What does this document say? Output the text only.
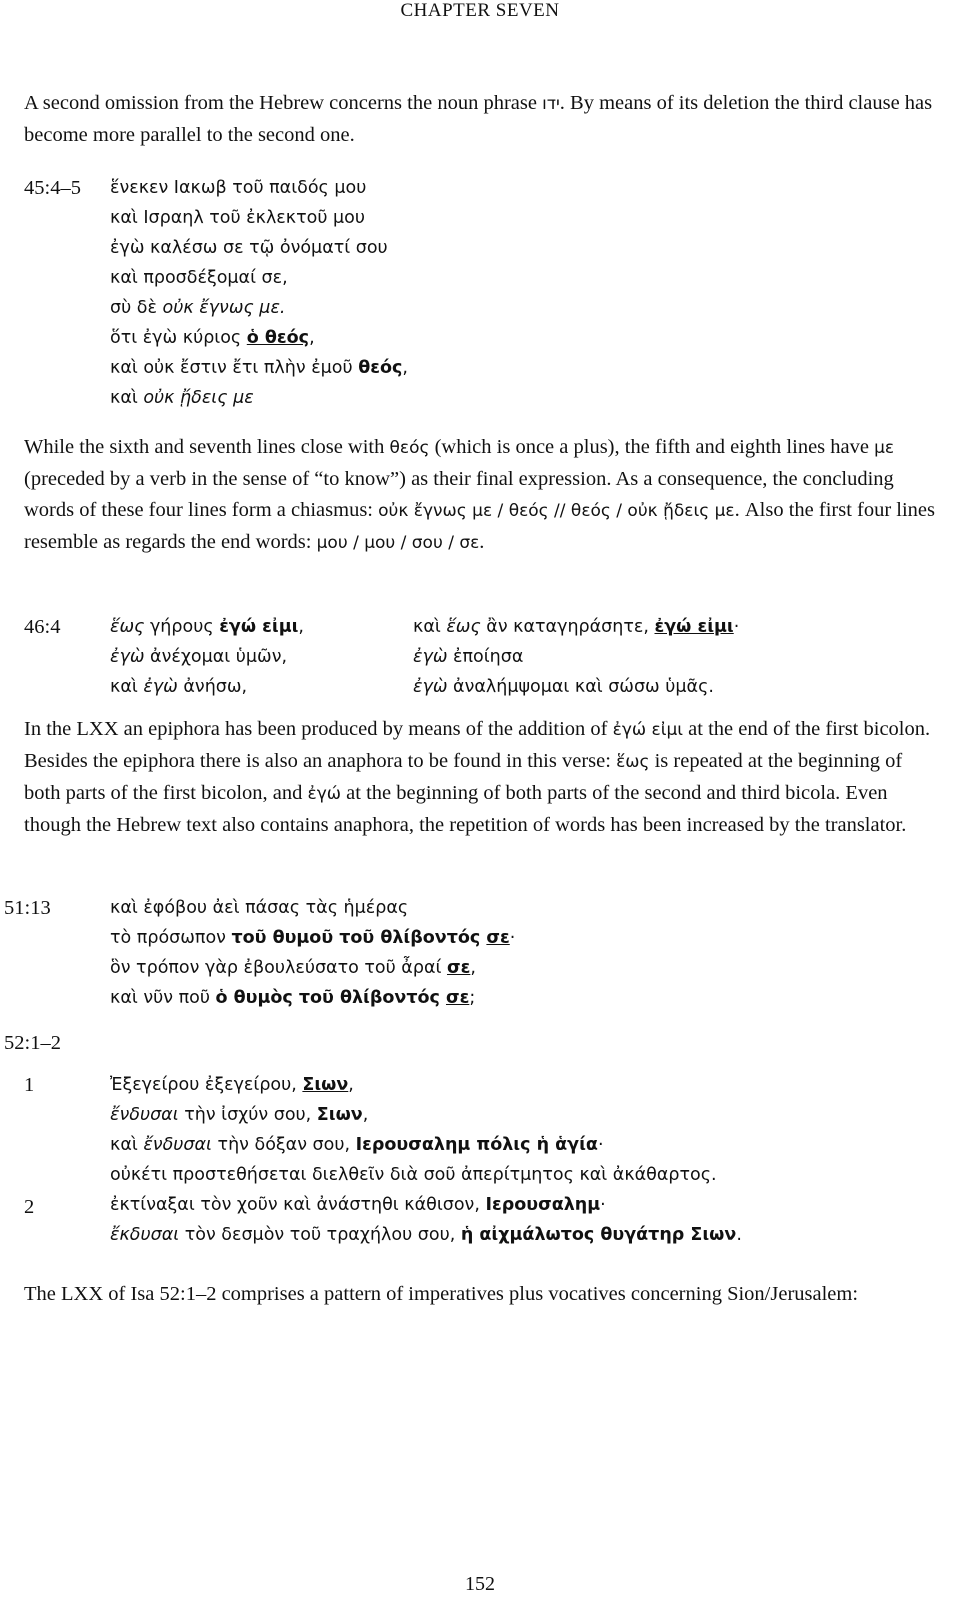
CHAPTER SEVEN

A second omission from the Hebrew concerns the noun phrase ידו. By means of its deletion the third clause has become more parallel to the second one.

45:4–5 ἕνεκεν Ιακωβ τοῦ παιδός μου
καὶ Ισραηλ τοῦ ἐκλεκτοῦ μου
ἐγὼ καλέσω σε τῷ ὀνόματί σου
καὶ προσδέξομαί σε,
σὺ δὲ οὐκ ἔγνως με.
ὅτι ἐγὼ κύριος ὁ θεός,
καὶ οὐκ ἔστιν ἔτι πλὴν ἐμοῦ θεός,
καὶ οὐκ ᾔδεις με

While the sixth and seventh lines close with θεός (which is once a plus), the fifth and eighth lines have με (preceded by a verb in the sense of “to know”) as their final expression. As a consequence, the concluding words of these four lines form a chiasmus: οὐκ ἔγνως με / θεός // θεός / οὐκ ᾔδεις με. Also the first four lines resemble as regards the end words: μου / μου / σου / σε.

46:4	ἕως γήρους ἐγώ εἰμι,
ἐγὼ ἀνέχομαι ὑμῶν,
καὶ ἐγὼ ἀνήσω,
καὶ ἕως ἂν καταγηράσητε, ἐγώ εἰμι·
ἐγὼ ἐποίησα
ἐγὼ ἀναλήμψομαι καὶ σώσω ὑμᾶς.

In the LXX an epiphora has been produced by means of the addition of ἐγώ εἰμι at the end of the first bicolon. Besides the epiphora there is also an anaphora to be found in this verse: ἕως is repeated at the beginning of both parts of the first bicolon, and ἐγώ at the beginning of both parts of the second and third bicola. Even though the Hebrew text also contains anaphora, the repetition of words has been increased by the translator.

51:13	καὶ ἐφόβου ἀεὶ πάσας τὰς ἡμέρας
τὸ πρόσωπον τοῦ θυμοῦ τοῦ θλίβοντός σε·
ὃν τρόπον γὰρ ἐβουλεύσατο τοῦ ἆραί σε,
καὶ νῦν ποῦ ὁ θυμὸς τοῦ θλίβοντός σε;
52:1–2
1
2
Ἐξεγείρου ἐξεγείρου, Σιων,
ἔνδυσαι τὴν ἰσχύν σου, Σιων,
καὶ ἔνδυσαι τὴν δόξαν σου, Ιερουσαλημ πόλις ἡ ἁγία·
οὐκέτι προστεθήσεται διελθεῖν διὰ σοῦ ἀπερίτμητος καὶ ἀκάθαρτος.
ἐκτίναξαι τὸν χοῦν καὶ ἀνάστηθι κάθισον, Ιερουσαλημ·
ἔκδυσαι τὸν δεσμὸν τοῦ τραχήλου σου, ἡ αἰχμάλωτος θυγάτηρ Σιων.

The LXX of Isa 52:1–2 comprises a pattern of imperatives plus vocatives concerning Sion/Jerusalem:

152
